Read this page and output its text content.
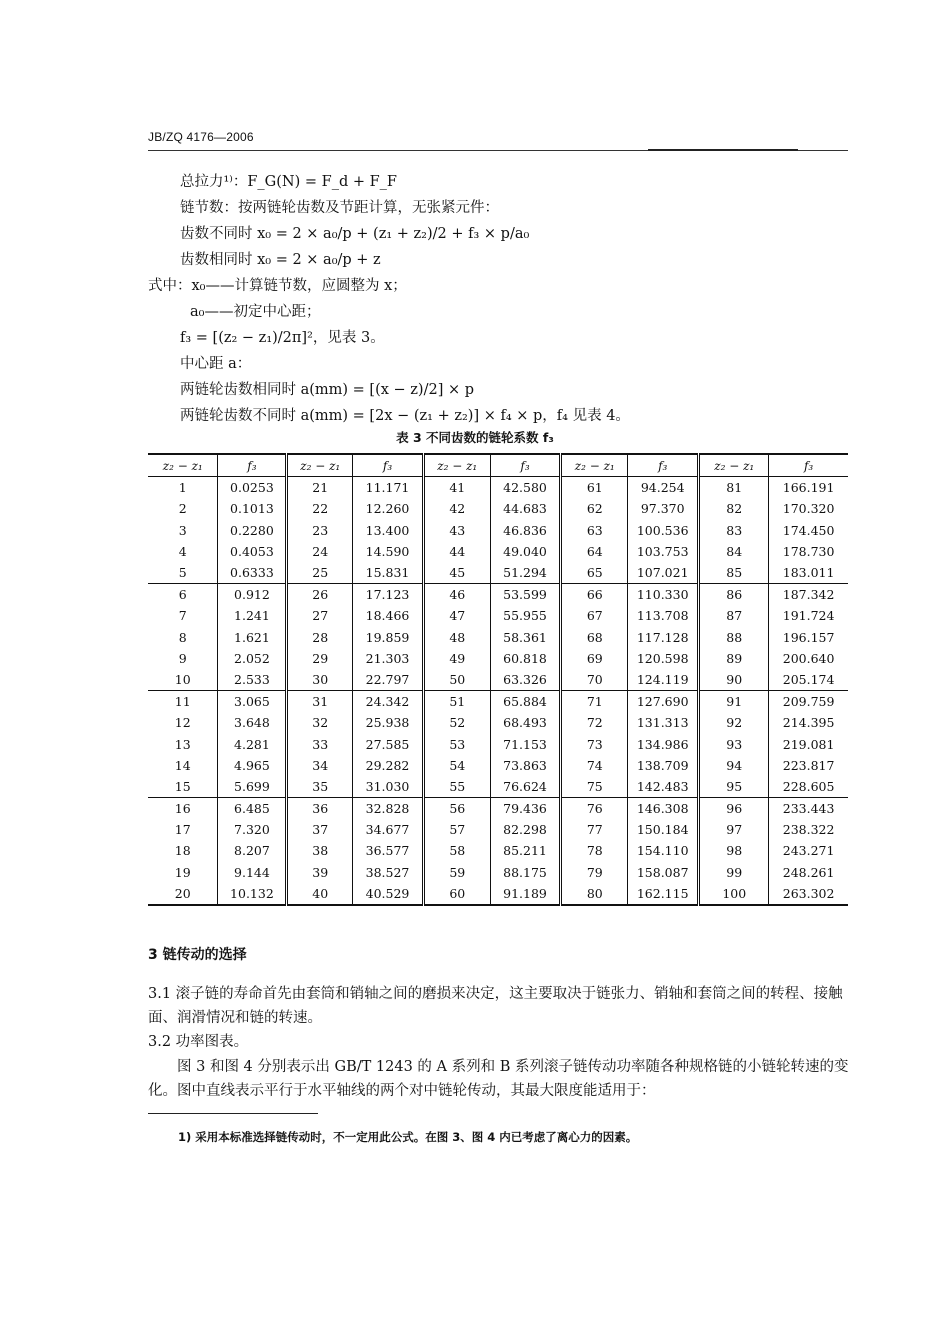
JB/ZQ 4176—2006
总拉力¹⁾：F_G(N) = F_d + F_F
链节数：按两链轮齿数及节距计算，无张紧元件：
齿数不同时 x₀ = 2 × a₀/p + (z₁ + z₂)/2 + f₃ × p/a₀
齿数相同时 x₀ = 2 × a₀/p + z
式中：x₀——计算链节数，应圆整为 x；
a₀——初定中心距；
f₃ = [(z₂ − z₁)/2π]²，见表 3。
中心距 a：
两链轮齿数相同时 a(mm) = [(x − z)/2] × p
两链轮齿数不同时 a(mm) = [2x − (z₁ + z₂)] × f₄ × p，f₄ 见表 4。
表 3 不同齿数的链轮系数 f₃
z₂ − z₁	f₃	z₂ − z₁	f₃	z₂ − z₁	f₃	z₂ − z₁	f₃	z₂ − z₁	f₃
1	0.0253	21	11.171	41	42.580	61	94.254	81	166.191
2	0.1013	22	12.260	42	44.683	62	97.370	82	170.320
3	0.2280	23	13.400	43	46.836	63	100.536	83	174.450
4	0.4053	24	14.590	44	49.040	64	103.753	84	178.730
5	0.6333	25	15.831	45	51.294	65	107.021	85	183.011
6	0.912	26	17.123	46	53.599	66	110.330	86	187.342
7	1.241	27	18.466	47	55.955	67	113.708	87	191.724
8	1.621	28	19.859	48	58.361	68	117.128	88	196.157
9	2.052	29	21.303	49	60.818	69	120.598	89	200.640
10	2.533	30	22.797	50	63.326	70	124.119	90	205.174
11	3.065	31	24.342	51	65.884	71	127.690	91	209.759
12	3.648	32	25.938	52	68.493	72	131.313	92	214.395
13	4.281	33	27.585	53	71.153	73	134.986	93	219.081
14	4.965	34	29.282	54	73.863	74	138.709	94	223.817
15	5.699	35	31.030	55	76.624	75	142.483	95	228.605
16	6.485	36	32.828	56	79.436	76	146.308	96	233.443
17	7.320	37	34.677	57	82.298	77	150.184	97	238.322
18	8.207	38	36.577	58	85.211	78	154.110	98	243.271
19	9.144	39	38.527	59	88.175	79	158.087	99	248.261
20	10.132	40	40.529	60	91.189	80	162.115	100	263.302
3 链传动的选择
3.1 滚子链的寿命首先由套筒和销轴之间的磨损来决定，这主要取决于链张力、销轴和套筒之间的转程、接触面、润滑情况和链的转速。
3.2 功率图表。
图 3 和图 4 分别表示出 GB/T 1243 的 A 系列和 B 系列滚子链传动功率随各种规格链的小链轮转速的变化。图中直线表示平行于水平轴线的两个对中链轮传动，其最大限度能适用于：
1) 采用本标准选择链传动时，不一定用此公式。在图 3、图 4 内已考虑了离心力的因素。
